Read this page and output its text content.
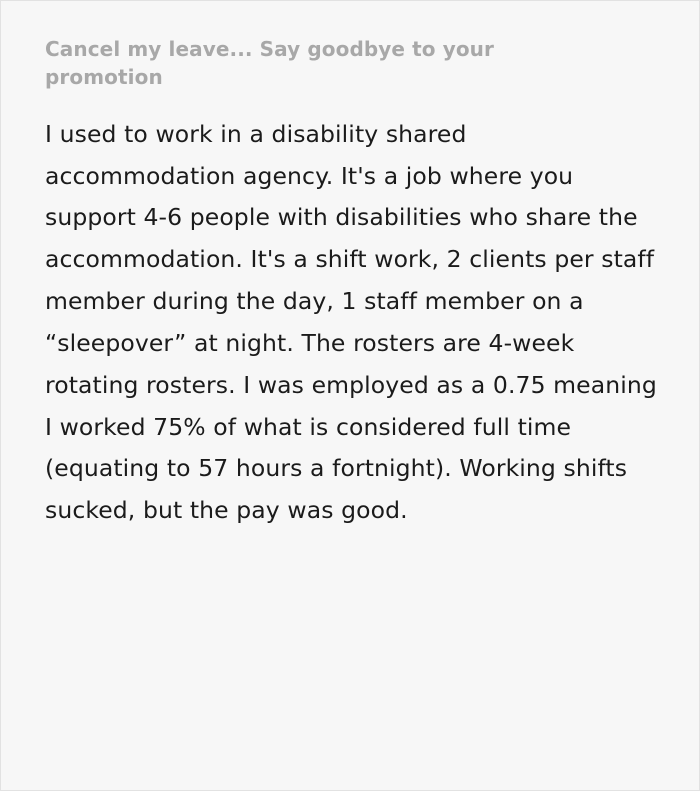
Cancel my leave... Say goodbye to your promotion

I used to work in a disability shared accommodation agency. It's a job where you support 4-6 people with disabilities who share the accommodation. It's a shift work, 2 clients per staff member during the day, 1 staff member on a “sleepover” at night. The rosters are 4-week rotating rosters. I was employed as a 0.75 meaning I worked 75% of what is considered full time (equating to 57 hours a fortnight). Working shifts sucked, but the pay was good.
